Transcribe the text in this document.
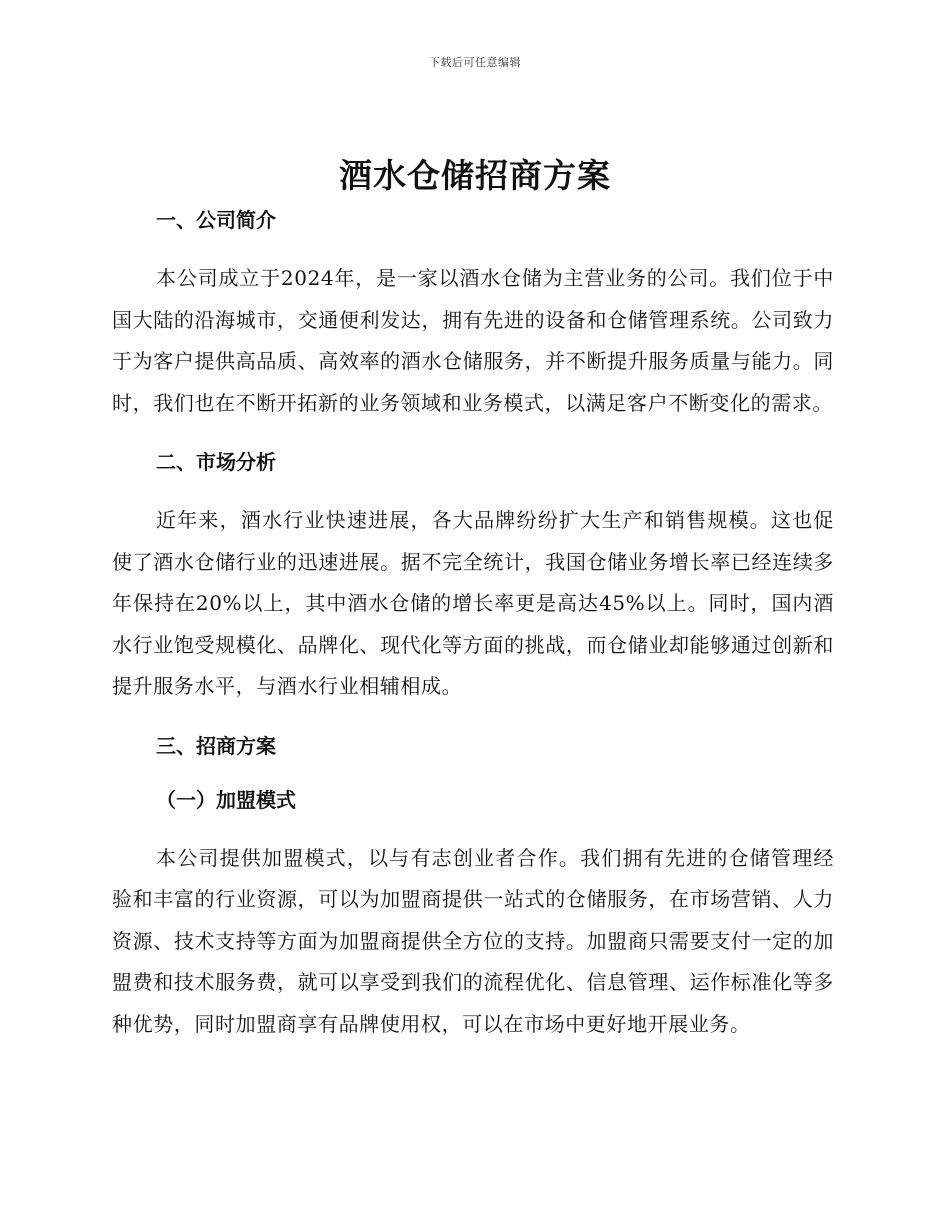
下载后可任意编辑
酒水仓储招商方案
一、公司简介

本公司成立于2024年，是一家以酒水仓储为主营业务的公司。我们位于中国大陆的沿海城市，交通便利发达，拥有先进的设备和仓储管理系统。公司致力于为客户提供高品质、高效率的酒水仓储服务，并不断提升服务质量与能力。同时，我们也在不断开拓新的业务领域和业务模式，以满足客户不断变化的需求。

二、市场分析

近年来，酒水行业快速进展，各大品牌纷纷扩大生产和销售规模。这也促使了酒水仓储行业的迅速进展。据不完全统计，我国仓储业务增长率已经连续多年保持在20%以上，其中酒水仓储的增长率更是高达45%以上。同时，国内酒水行业饱受规模化、品牌化、现代化等方面的挑战，而仓储业却能够通过创新和提升服务水平，与酒水行业相辅相成。

三、招商方案
（一）加盟模式

本公司提供加盟模式，以与有志创业者合作。我们拥有先进的仓储管理经验和丰富的行业资源，可以为加盟商提供一站式的仓储服务，在市场营销、人力资源、技术支持等方面为加盟商提供全方位的支持。加盟商只需要支付一定的加盟费和技术服务费，就可以享受到我们的流程优化、信息管理、运作标准化等多种优势，同时加盟商享有品牌使用权，可以在市场中更好地开展业务。
